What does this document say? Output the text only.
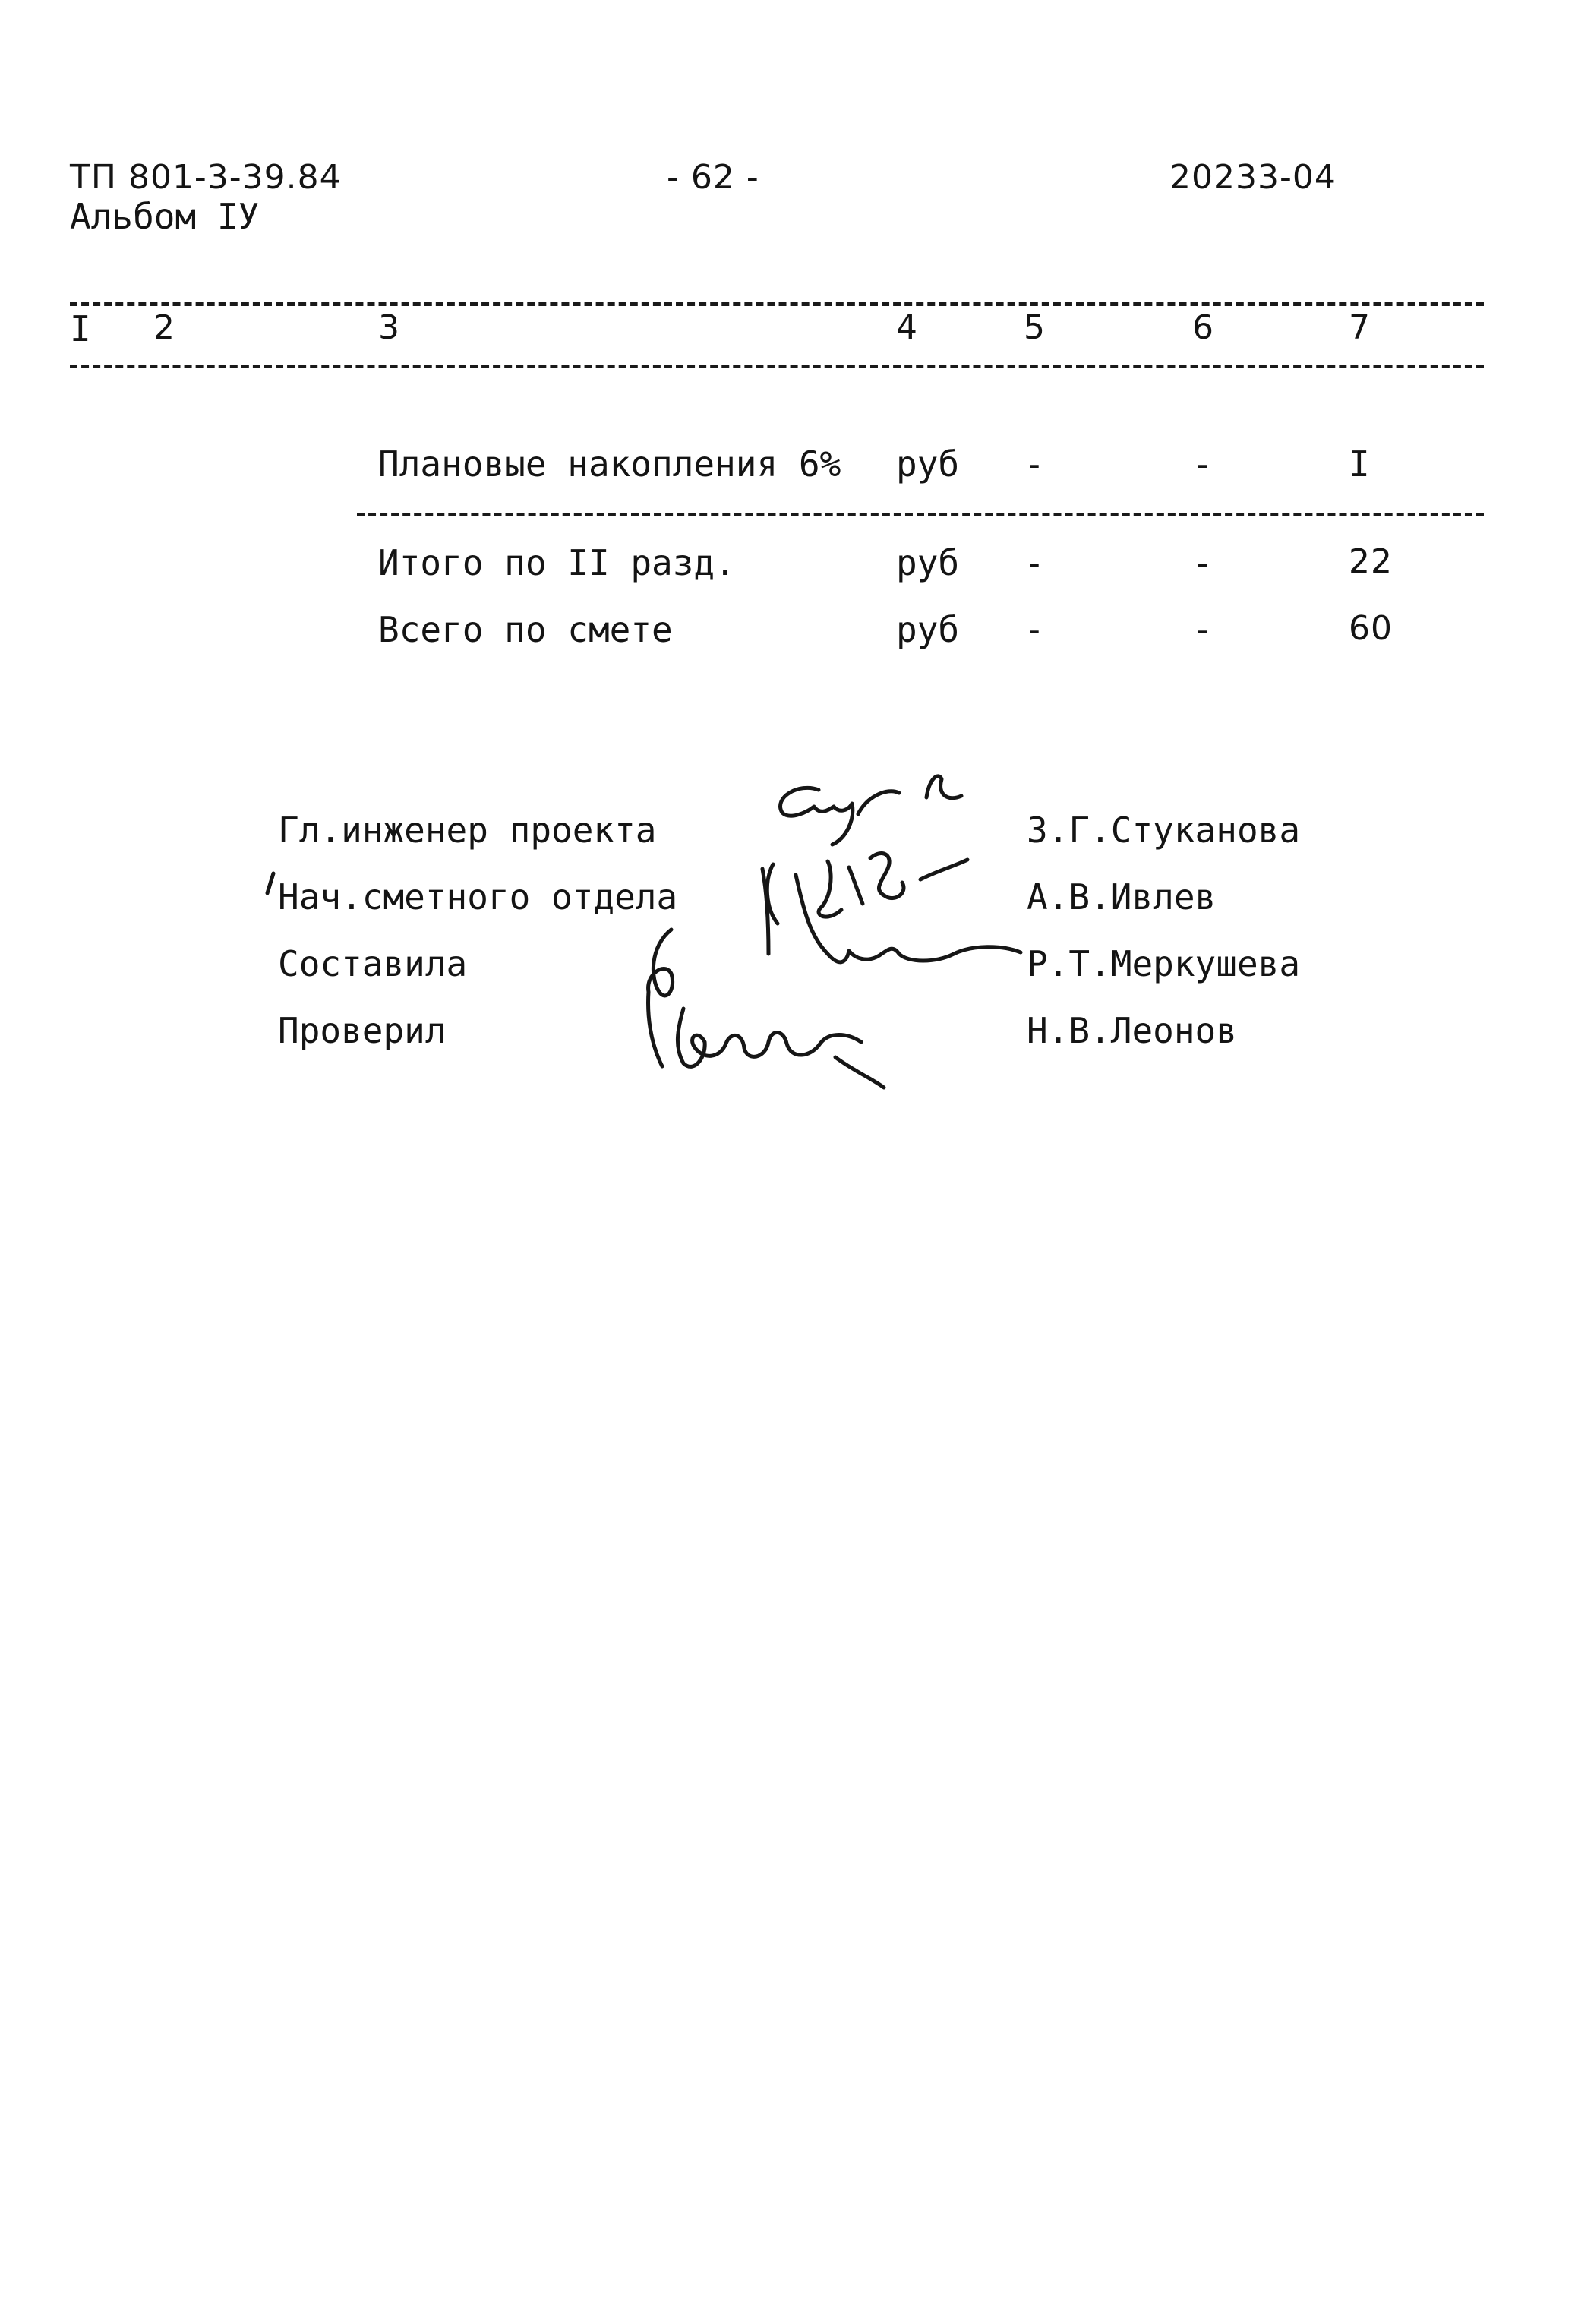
ТП 801-3-39.84
Альбом IУ
- 62 -	20233-04
I 2	3	4	5	6	7
Плановые накопления 6% руб -	-	I
Итого по II разд.	руб -	-	22
Всего по смете	руб -	-	60
Гл.инженер проекта	З.Г.Стуканова
Нач.сметного отдела	А.В.Ивлев
Составила	Р.Т.Меркушева
Проверил	Н.В.Леонов
